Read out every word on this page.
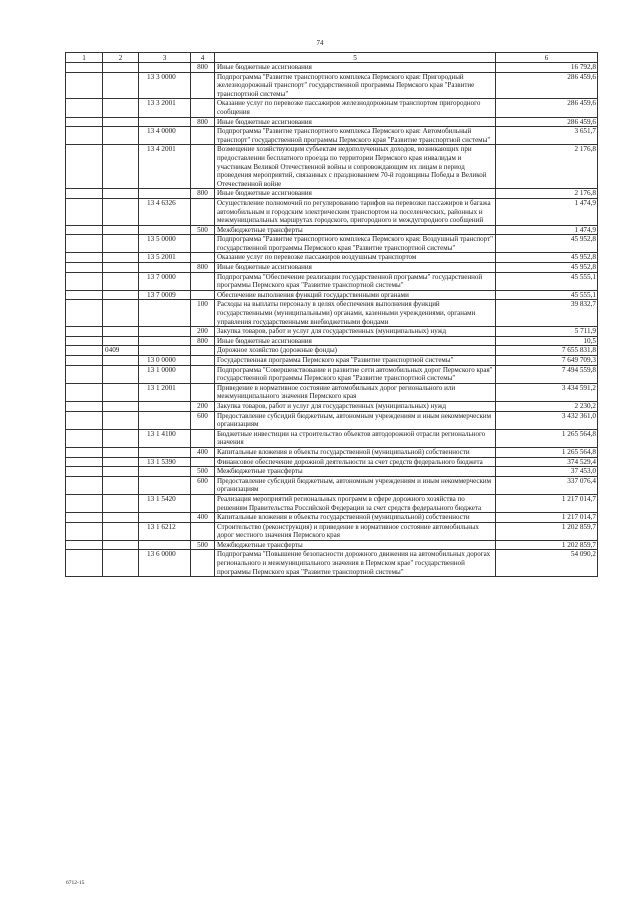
74
1	2	3	4	5	6
			800	Иные бюджетные ассигнования	16 792,8
		13 3 0000		Подпрограмма "Развитие транспортного комплекса Пермского края: Пригородный железнодорожный транспорт" государственной программы Пермского края "Развитие транспортной системы"	286 459,6
		13 3 2001		Оказание услуг по перевозке пассажиров железнодорожным транспортом пригородного сообщения	286 459,6
			800	Иные бюджетные ассигнования	286 459,6
		13 4 0000		Подпрограмма "Развитие транспортного комплекса Пермского края: Автомобильный транспорт" государственной программы Пермского края "Развитие транспортной системы"	3 651,7
		13 4 2001		Возмещение хозяйствующим субъектам недополученных доходов, возникающих при предоставлении бесплатного проезда по территории Пермского края инвалидам и участникам Великой Отечественной войны и сопровождающим их лицам в период проведения мероприятий, связанных с празднованием 70-й годовщины Победы в Великой Отечественной войне	2 176,8
			800	Иные бюджетные ассигнования	2 176,8
		13 4 6326		Осуществление полномочий по регулированию тарифов на перевозки пассажиров и багажа автомобильным и городским электрическим транспортом на поселенческих, районных и межмуниципальных маршрутах городского, пригородного и междугородного сообщений	1 474,9
			500	Межбюджетные трансферты	1 474,9
		13 5 0000		Подпрограмма "Развитие транспортного комплекса Пермского края: Воздушный транспорт" государственной программы Пермского края "Развитие транспортной системы"	45 952,8
		13 5 2001		Оказание услуг по перевозке пассажиров воздушным транспортом	45 952,8
			800	Иные бюджетные ассигнования	45 952,8
		13 7 0000		Подпрограмма "Обеспечение реализации государственной программы" государственной программы Пермского края "Развитие транспортной системы"	45 555,1
		13 7 0009		Обеспечение выполнения функций государственными органами	45 555,1
			100	Расходы на выплаты персоналу в целях обеспечения выполнения функций государственными (муниципальными) органами, казенными учреждениями, органами управления государственными внебюджетными фондами	39 832,7
			200	Закупка товаров, работ и услуг для государственных (муниципальных) нужд	5 711,9
			800	Иные бюджетные ассигнования	10,5
	0409			Дорожное хозяйство (дорожные фонды)	7 655 831,8
		13 0 0000		Государственная программа Пермского края "Развитие транспортной системы"	7 649 709,3
		13 1 0000		Подпрограмма "Совершенствование и развитие сети автомобильных дорог Пермского края" государственной программы Пермского края "Развитие транспортной системы"	7 494 559,8
		13 1 2001		Приведение в нормативное состояние автомобильных дорог регионального или межмуниципального значения Пермского края	3 434 591,2
			200	Закупка товаров, работ и услуг для государственных (муниципальных) нужд	2 230,2
			600	Предоставление субсидий бюджетным, автономным учреждениям и иным некоммерческим организациям	3 432 361,0
		13 1 4100		Бюджетные инвестиции на строительство объектов автодорожной отрасли регионального значения	1 265 564,8
			400	Капитальные вложения в объекты государственной (муниципальной) собственности	1 265 564,8
		13 1 5390		Финансовое обеспечение дорожной деятельности за счет средств федерального бюджета	374 529,4
			500	Межбюджетные трансферты	37 453,0
			600	Предоставление субсидий бюджетным, автономным учреждениям и иным некоммерческим организациям	337 076,4
		13 1 5420		Реализация мероприятий региональных программ в сфере дорожного хозяйства по решениям Правительства Российской Федерации за счет средств федерального бюджета	1 217 014,7
			400	Капитальные вложения в объекты государственной (муниципальной) собственности	1 217 014,7
		13 1 6212		Строительство (реконструкция) и приведение в нормативное состояние автомобильных дорог местного значения Пермского края	1 202 859,7
			500	Межбюджетные трансферты	1 202 859,7
		13 6 0000		Подпрограмма "Повышение безопасности дорожного движения на автомобильных дорогах регионального и межмуниципального значения в Пермском крае" государственной программы Пермского края "Развитие транспортной системы"	54 090,2
6712-15
